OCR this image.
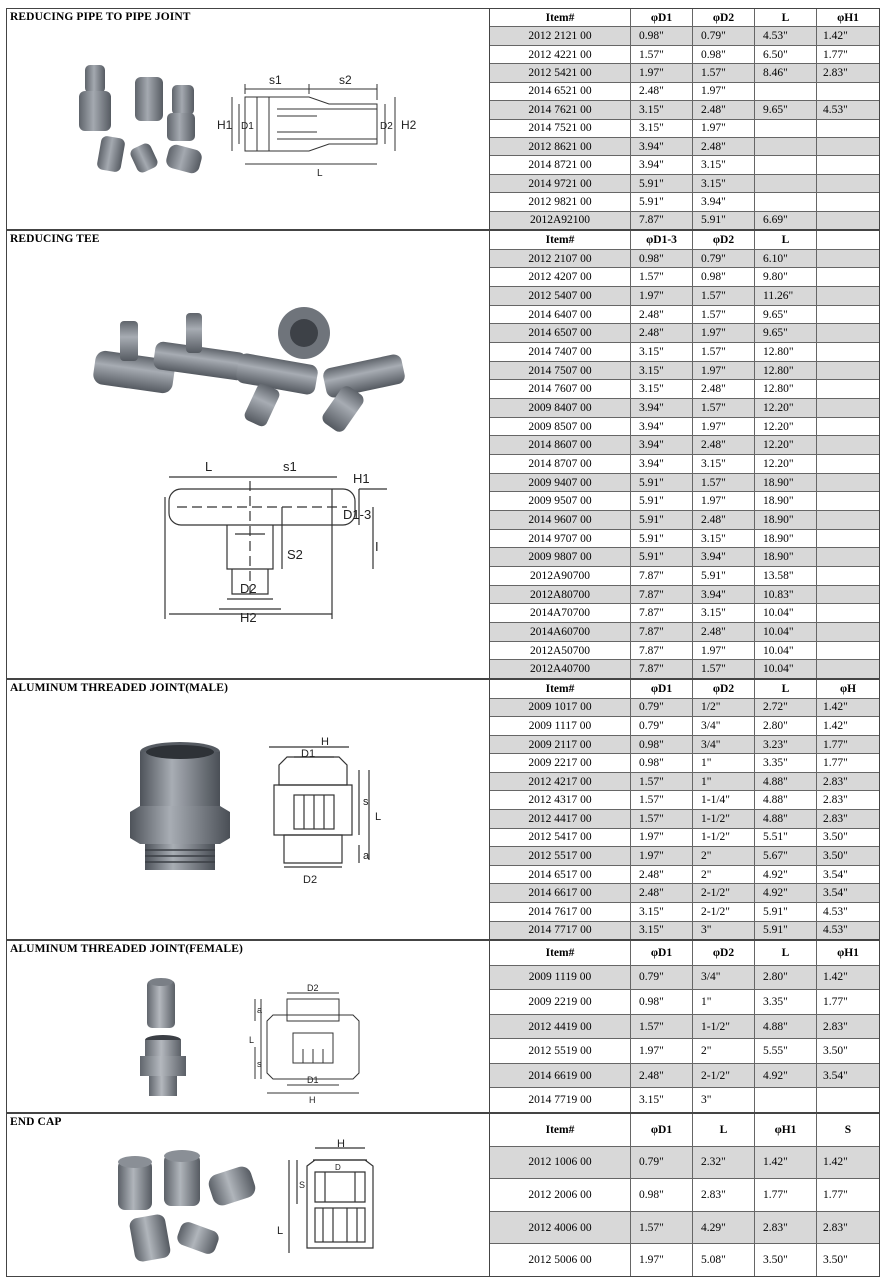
REDUCING PIPE TO PIPE JOINT
s1	s2
H1 D1	D2 H2
L
Item#	φD1	φD2	L	φH1
2012 2121 00	0.98"	0.79"	4.53"	1.42"
2012 4221 00	1.57"	0.98"	6.50"	1.77"
2012 5421 00	1.97"	1.57"	8.46"	2.83"
2014 6521 00	2.48"	1.97"
2014 7621 00	3.15"	2.48"	9.65"	4.53"
2014 7521 00	3.15"	1.97"
2012 8621 00	3.94"	2.48"
2014 8721 00	3.94"	3.15"
2014 9721 00	5.91"	3.15"
2012 9821 00	5.91"	3.94"
2012A92100	7.87"	5.91"	6.69"
REDUCING TEE
L	s1
H1
D1-3
I
S2
D2
H2
Item#	φD1-3	φD2	L
2012 2107 00	0.98"	0.79"	6.10"
2012 4207 00	1.57"	0.98"	9.80"
2012 5407 00	1.97"	1.57"	11.26"
2014 6407 00	2.48"	1.57"	9.65"
2014 6507 00	2.48"	1.97"	9.65"
2014 7407 00	3.15"	1.57"	12.80"
2014 7507 00	3.15"	1.97"	12.80"
2014 7607 00	3.15"	2.48"	12.80"
2009 8407 00	3.94"	1.57"	12.20"
2009 8507 00	3.94"	1.97"	12.20"
2014 8607 00	3.94"	2.48"	12.20"
2014 8707 00	3.94"	3.15"	12.20"
2009 9407 00	5.91"	1.57"	18.90"
2009 9507 00	5.91"	1.97"	18.90"
2014 9607 00	5.91"	2.48"	18.90"
2014 9707 00	5.91"	3.15"	18.90"
2009 9807 00	5.91"	3.94"	18.90"
2012A90700	7.87"	5.91"	13.58"
2012A80700	7.87"	3.94"	10.83"
2014A70700	7.87"	3.15"	10.04"
2014A60700	7.87"	2.48"	10.04"
2012A50700	7.87"	1.97"	10.04"
2012A40700	7.87"	1.57"	10.04"
ALUMINUM THREADED JOINT(MALE)
H
D1
s
L
a
D2
Item#	φD1	φD2	L	φH
2009 1017 00	0.79"	1/2"	2.72"	1.42"
2009 1117 00	0.79"	3/4"	2.80"	1.42"
2009 2117 00	0.98"	3/4"	3.23"	1.77"
2009 2217 00	0.98"	1"	3.35"	1.77"
2012 4217 00	1.57"	1"	4.88"	2.83"
2012 4317 00	1.57"	1-1/4"	4.88"	2.83"
2012 4417 00	1.57"	1-1/2"	4.88"	2.83"
2012 5417 00	1.97"	1-1/2"	5.51"	3.50"
2012 5517 00	1.97"	2"	5.67"	3.50"
2014 6517 00	2.48"	2"	4.92"	3.54"
2014 6617 00	2.48"	2-1/2"	4.92"	3.54"
2014 7617 00	3.15"	2-1/2"	5.91"	4.53"
2014 7717 00	3.15"	3"	5.91"	4.53"
ALUMINUM THREADED JOINT(FEMALE)
D2
a
L
s
D1
H
Item#	φD1	φD2	L	φH1
2009 1119 00	0.79"	3/4"	2.80"	1.42"
2009 2219 00	0.98"	1"	3.35"	1.77"
2012 4419 00	1.57"	1-1/2"	4.88"	2.83"
2012 5519 00	1.97"	2"	5.55"	3.50"
2014 6619 00	2.48"	2-1/2"	4.92"	3.54"
2014 7719 00	3.15"	3"
END CAP
H
D
S
L
Item#	φD1	L	φH1	S
2012 1006 00	0.79"	2.32"	1.42"	1.42"
2012 2006 00	0.98"	2.83"	1.77"	1.77"
2012 4006 00	1.57"	4.29"	2.83"	2.83"
2012 5006 00	1.97"	5.08"	3.50"	3.50"
